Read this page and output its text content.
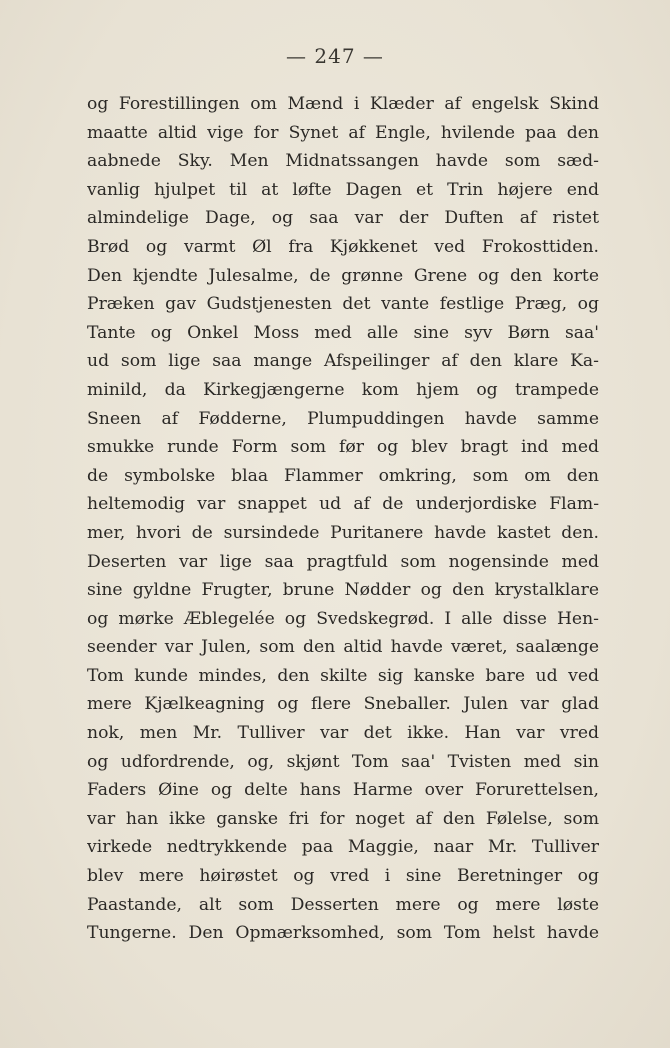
— 247 —
og Forestillingen om Mænd i Klæder af engelsk Skind
maatte altid vige for Synet af Engle, hvilende paa den
aabnede Sky. Men Midnatssangen havde som sæd-
vanlig hjulpet til at løfte Dagen et Trin højere end
almindelige Dage, og saa var der Duften af ristet
Brød og varmt Øl fra Kjøkkenet ved Frokosttiden.
Den kjendte Julesalme, de grønne Grene og den korte
Præken gav Gudstjenesten det vante festlige Præg, og
Tante og Onkel Moss med alle sine syv Børn saa'
ud som lige saa mange Afspeilinger af den klare Ka-
minild, da Kirkegjængerne kom hjem og trampede
Sneen af Fødderne, Plumpuddingen havde samme
smukke runde Form som før og blev bragt ind med
de symbolske blaa Flammer omkring, som om den
heltemodig var snappet ud af de underjordiske Flam-
mer, hvori de sursindede Puritanere havde kastet den.
Deserten var lige saa pragtfuld som nogensinde med
sine gyldne Frugter, brune Nødder og den krystalklare
og mørke Æblegeléе og Svedskegrød. I alle disse Hen-
seender var Julen, som den altid havde været, saalænge
Tom kunde mindes, den skilte sig kanske bare ud ved
mere Kjælkeagning og flere Sneballer. Julen var glad
nok, men Mr. Tulliver var det ikke. Han var vred
og udfordrende, og, skjønt Tom saa' Tvisten med sin
Faders Øine og delte hans Harme over Forurettelsen,
var han ikke ganske fri for noget af den Følelse, som
virkede nedtrykkende paa Maggie, naar Mr. Tulliver
blev mere høirøstet og vred i sine Beretninger og
Paastande, alt som Desserten mere og mere løste
Tungerne. Den Opmærksomhed, som Tom helst havde
